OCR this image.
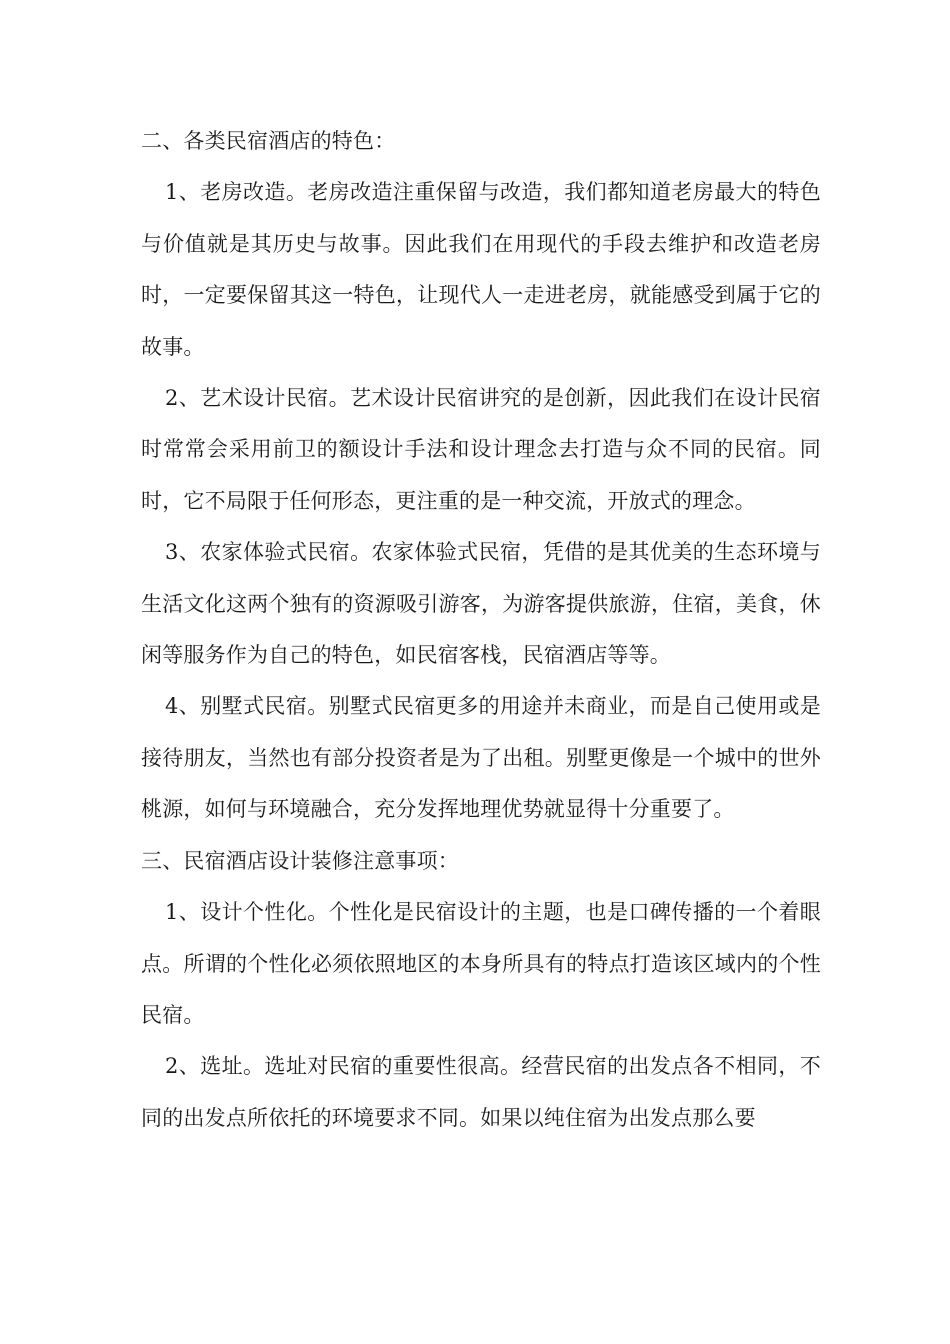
二、各类民宿酒店的特色：

1、老房改造。老房改造注重保留与改造，我们都知道老房最大的特色与价值就是其历史与故事。因此我们在用现代的手段去维护和改造老房时，一定要保留其这一特色，让现代人一走进老房，就能感受到属于它的故事。

2、艺术设计民宿。艺术设计民宿讲究的是创新，因此我们在设计民宿时常常会采用前卫的额设计手法和设计理念去打造与众不同的民宿。同时，它不局限于任何形态，更注重的是一种交流，开放式的理念。

3、农家体验式民宿。农家体验式民宿，凭借的是其优美的生态环境与生活文化这两个独有的资源吸引游客，为游客提供旅游，住宿，美食，休闲等服务作为自己的特色，如民宿客栈，民宿酒店等等。

4、别墅式民宿。别墅式民宿更多的用途并未商业，而是自己使用或是接待朋友，当然也有部分投资者是为了出租。别墅更像是一个城中的世外桃源，如何与环境融合，充分发挥地理优势就显得十分重要了。

三、民宿酒店设计装修注意事项：

1、设计个性化。个性化是民宿设计的主题，也是口碑传播的一个着眼点。所谓的个性化必须依照地区的本身所具有的特点打造该区域内的个性民宿。

2、选址。选址对民宿的重要性很高。经营民宿的出发点各不相同，不同的出发点所依托的环境要求不同。如果以纯住宿为出发点那么要
